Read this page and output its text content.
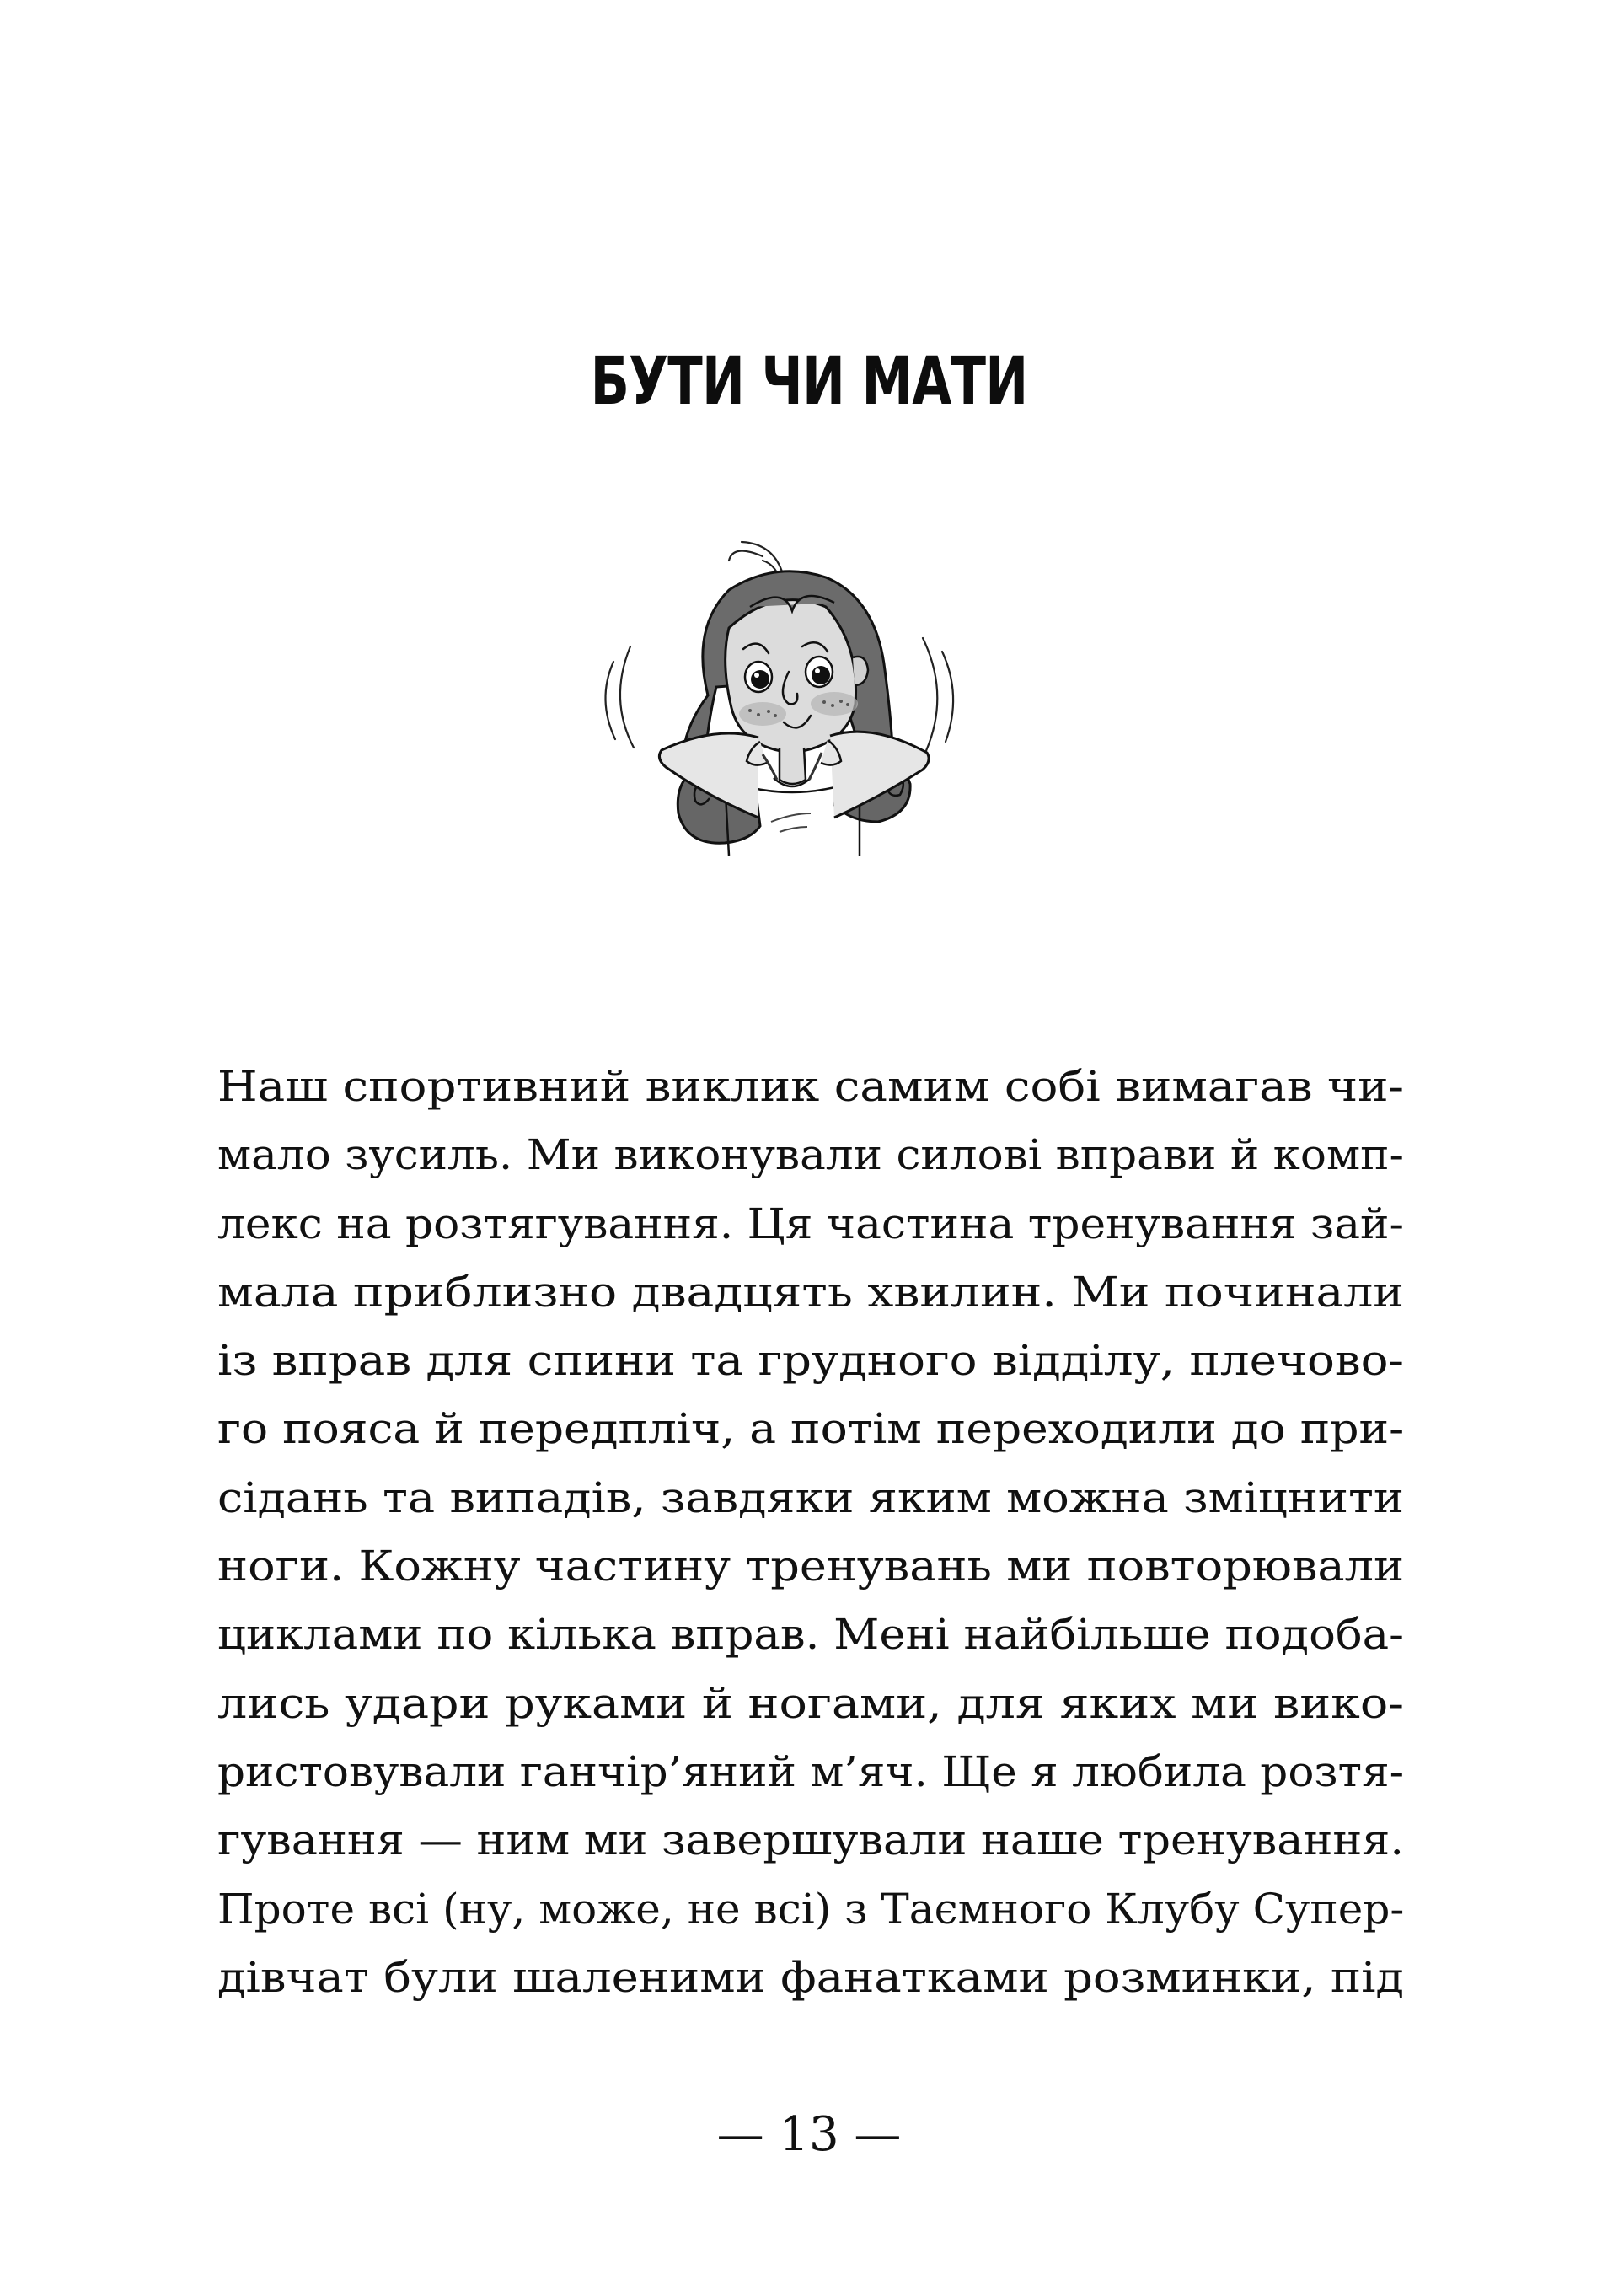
БУТИ ЧИ МАТИ
Наш спортивний виклик самим собі вимагав чи-
мало зусиль. Ми виконували силові вправи й комп-
лекс на розтягування. Ця частина тренування зай-
мала приблизно двадцять хвилин. Ми починали
із вправ для спини та грудного відділу, плечово-
го пояса й передпліч, а потім переходили до при-
сідань та випадів, завдяки яким можна зміцнити
ноги. Кожну частину тренувань ми повторювали
циклами по кілька вправ. Мені найбільше подоба-
лись удари руками й ногами, для яких ми вико-
ристовували ганчір’яний м’яч. Ще я любила розтя-
гування — ним ми завершували наше тренування.
Проте всі (ну, може, не всі) з Таємного Клубу Супер-
дівчат були шаленими фанатками розминки, під
— 13 —
